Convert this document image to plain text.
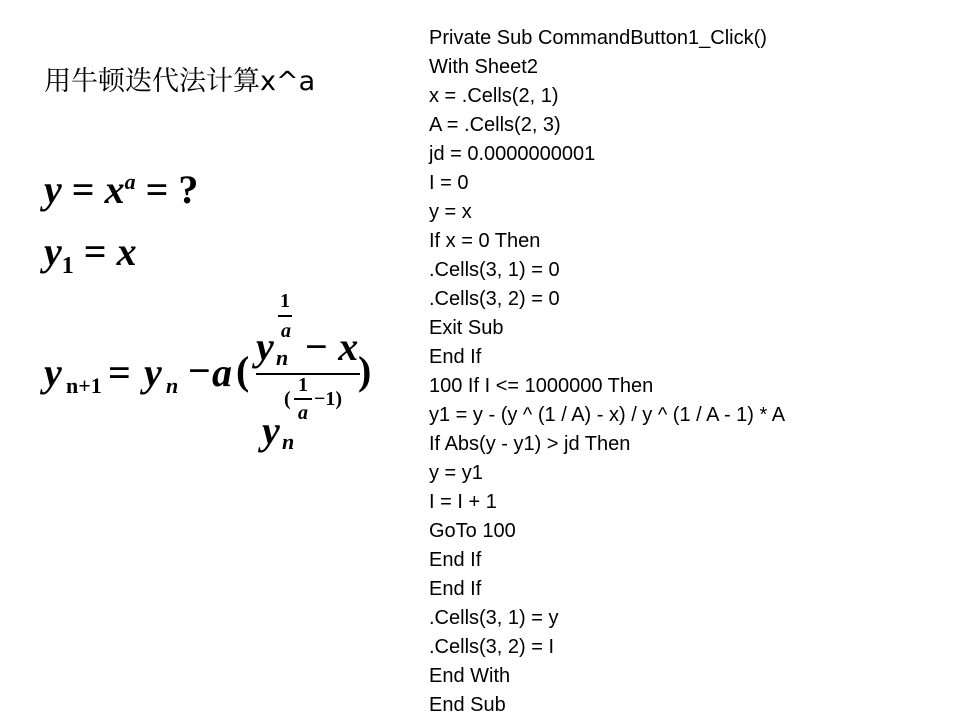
用牛顿迭代法计算x^a
$y = x^a$ = ?
$y_1 = x$
y n+1 = y n − a (
1
a
y n − x
)
(
1
a
−1)
y n
Private Sub CommandButton1_Click()
With Sheet2
x = .Cells(2, 1)
A = .Cells(2, 3)
jd = 0.0000000001
I = 0
y = x
If x = 0 Then
.Cells(3, 1) = 0
.Cells(3, 2) = 0
Exit Sub
End If
100 If I <= 1000000 Then
y1 = y - (y ^ (1 / A) - x) / y ^ (1 / A - 1) * A
If Abs(y - y1) > jd Then
y = y1
I = I + 1
GoTo 100
End If
End If
.Cells(3, 1) = y
.Cells(3, 2) = I
End With
End Sub
